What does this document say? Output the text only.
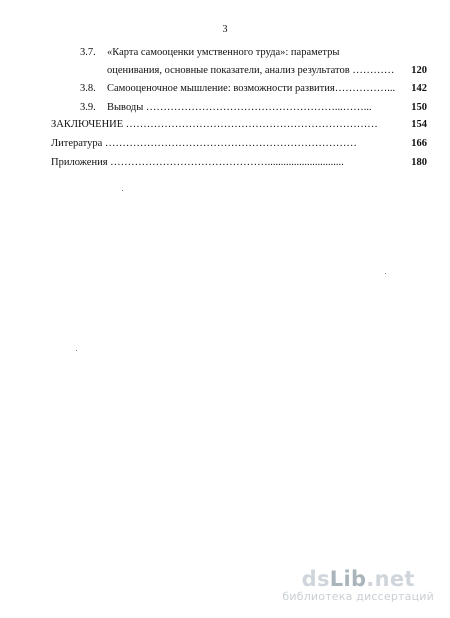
3
3.7. «Карта самооценки умственного труда»: параметры
оценивания, основные показатели, анализ результатов ………… 120
3.8. Самооценочное мышление: возможности развития……………... 142
3.9. Выводы ………………………………………………...……...	150
ЗАКЛЮЧЕНИЕ ………………………………………………………………	154
Литература ………………………………………………………………	166
Приложения ……………………………………….............................	180
dsLib.net
библиотека диссертаций
